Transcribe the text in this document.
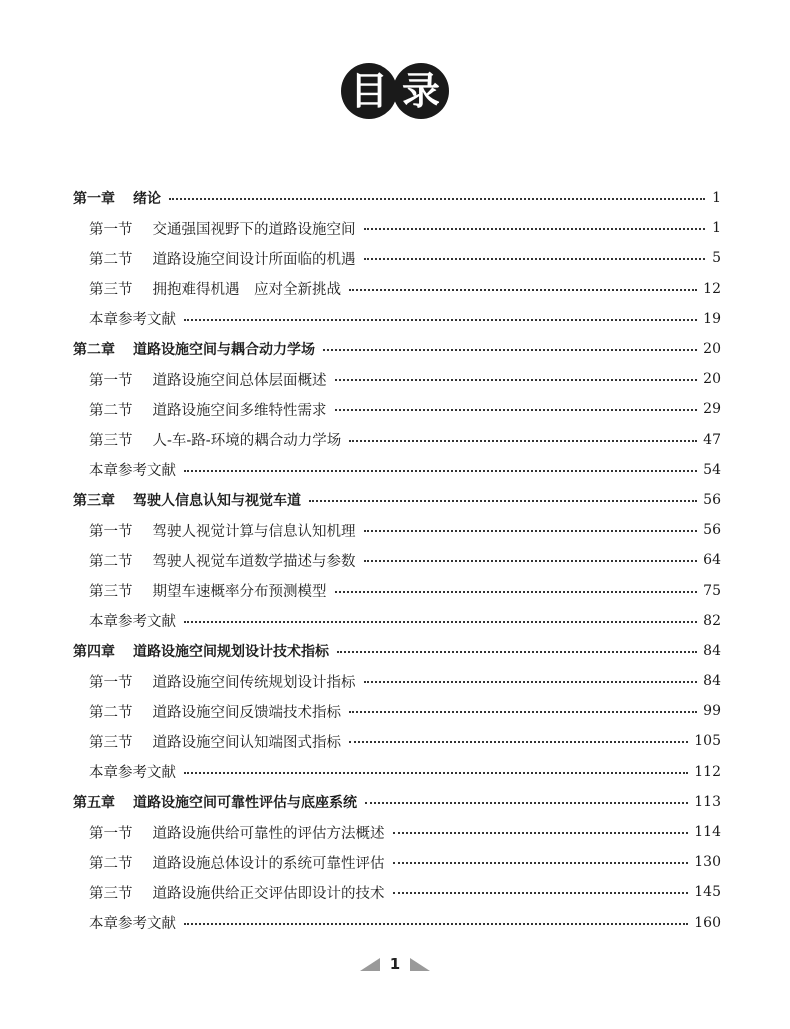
目 录
第一章 绪论	1
第一节 交通强国视野下的道路设施空间	1
第二节 道路设施空间设计所面临的机遇	5
第三节 拥抱难得机遇　应对全新挑战	12
本章参考文献	19
第二章 道路设施空间与耦合动力学场	20
第一节 道路设施空间总体层面概述	20
第二节 道路设施空间多维特性需求	29
第三节 人-车-路-环境的耦合动力学场	47
本章参考文献	54
第三章 驾驶人信息认知与视觉车道	56
第一节 驾驶人视觉计算与信息认知机理	56
第二节 驾驶人视觉车道数学描述与参数	64
第三节 期望车速概率分布预测模型	75
本章参考文献	82
第四章 道路设施空间规划设计技术指标	84
第一节 道路设施空间传统规划设计指标	84
第二节 道路设施空间反馈端技术指标	99
第三节 道路设施空间认知端图式指标	105
本章参考文献	112
第五章 道路设施空间可靠性评估与底座系统	113
第一节 道路设施供给可靠性的评估方法概述	114
第二节 道路设施总体设计的系统可靠性评估	130
第三节 道路设施供给正交评估即设计的技术	145
本章参考文献	160
1
